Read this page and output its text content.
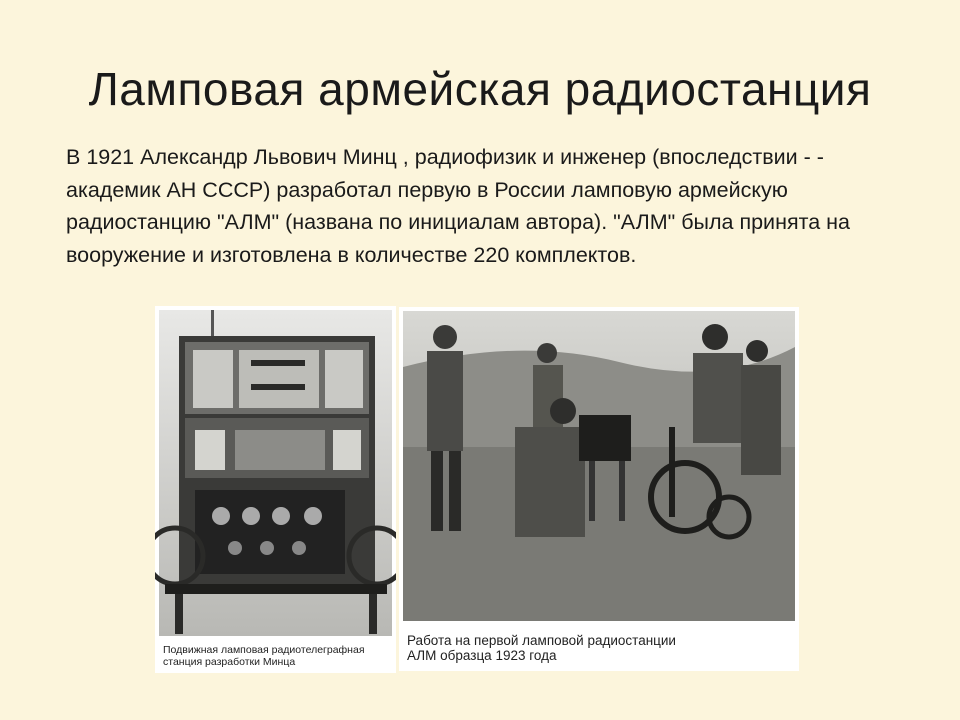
Ламповая армейская радиостанция
В 1921 Александр Львович Минц , радиофизик и инженер (впоследствии - - академик АН СССР) разработал первую в России ламповую армейскую радиостанцию "АЛМ" (названа по инициалам автора). "АЛМ" была принята на вооружение и изготовлена в количестве 220 комплектов.
Подвижная ламповая радиотелеграфная
станция разработки Минца
Работа на первой ламповой радиостанции
АЛМ образца 1923 года
